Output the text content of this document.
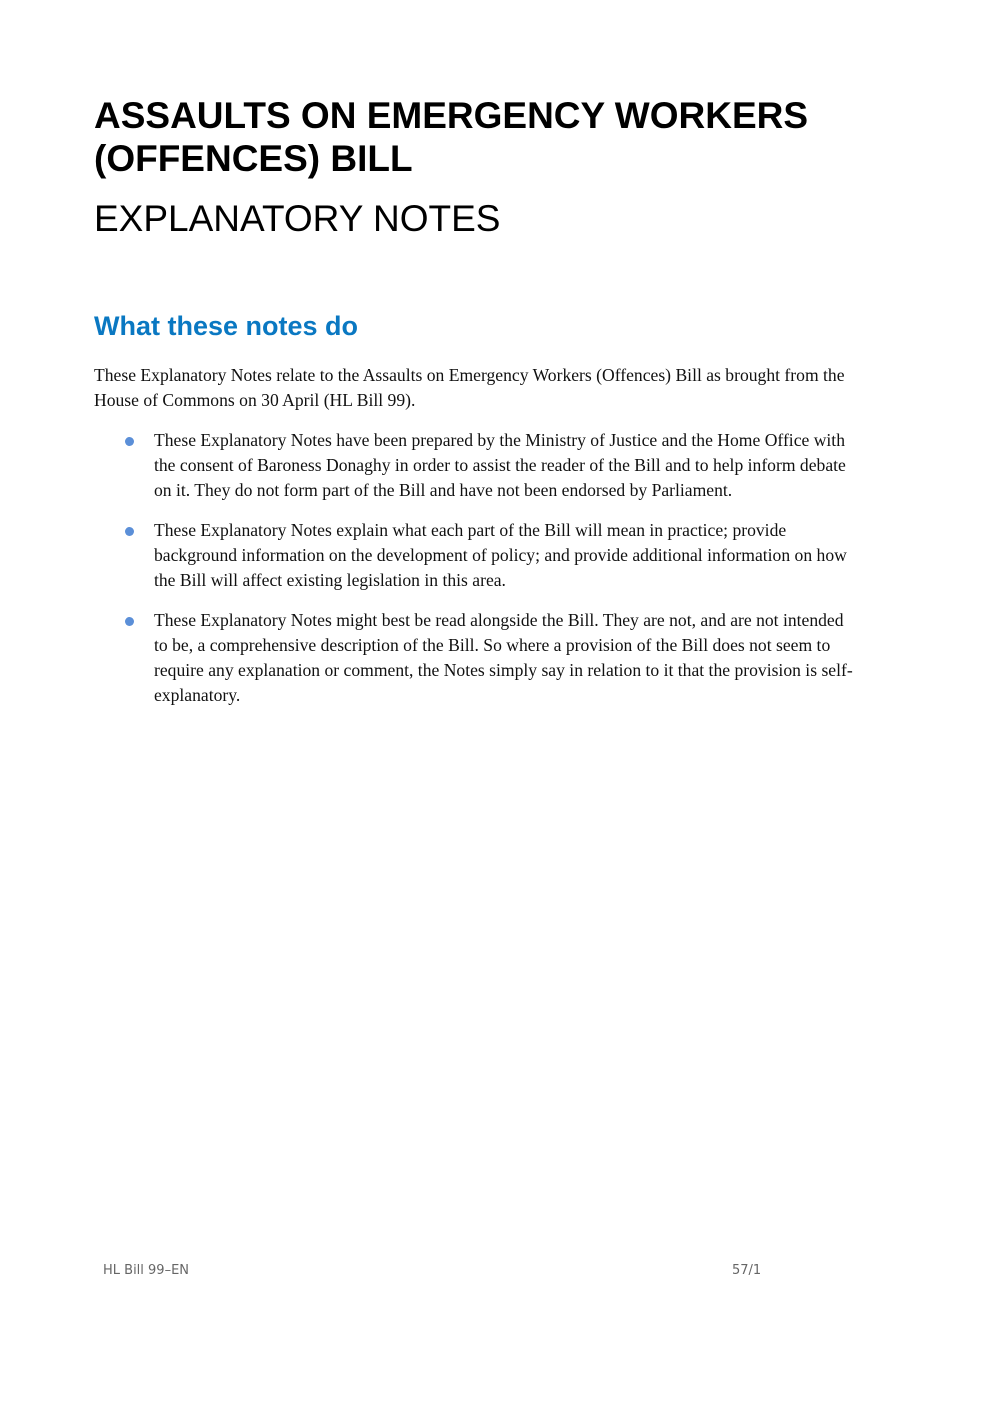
ASSAULTS ON EMERGENCY WORKERS (OFFENCES) BILL
EXPLANATORY NOTES
What these notes do

These Explanatory Notes relate to the Assaults on Emergency Workers (Offences) Bill as brought from the House of Commons on 30 April (HL Bill 99).

These Explanatory Notes have been prepared by the Ministry of Justice and the Home Office with the consent of Baroness Donaghy in order to assist the reader of the Bill and to help inform debate on it. They do not form part of the Bill and have not been endorsed by Parliament.
These Explanatory Notes explain what each part of the Bill will mean in practice; provide background information on the development of policy; and provide additional information on how the Bill will affect existing legislation in this area.
These Explanatory Notes might best be read alongside the Bill. They are not, and are not intended to be, a comprehensive description of the Bill. So where a provision of the Bill does not seem to require any explanation or comment, the Notes simply say in relation to it that the provision is self-explanatory.
HL Bill 99–EN	57/1
